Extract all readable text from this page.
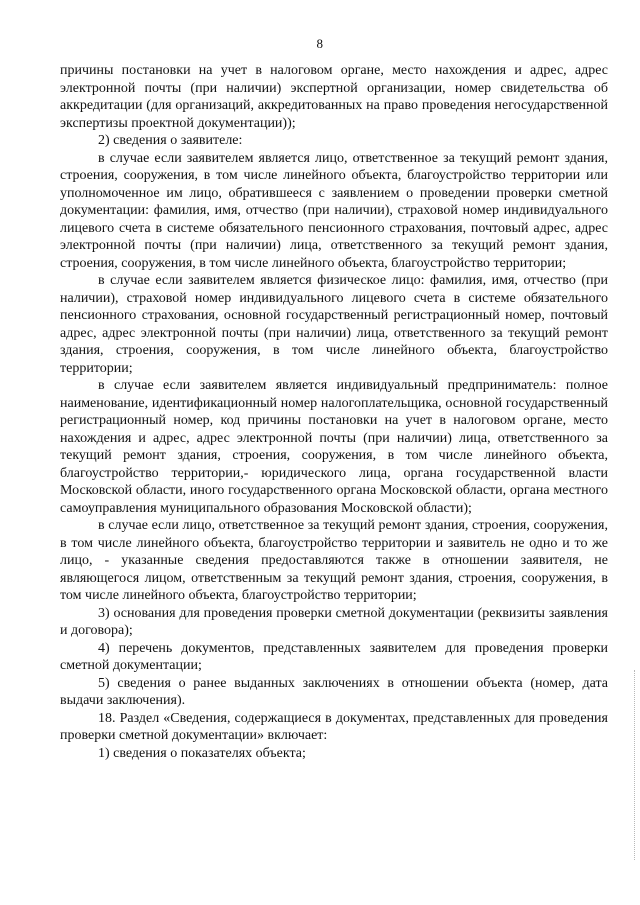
8

причины постановки на учет в налоговом органе, место нахождения и адрес, адрес электронной почты (при наличии) экспертной организации, номер свидетельства об аккредитации (для организаций, аккредитованных на право проведения негосударственной экспертизы проектной документации));

2) сведения о заявителе:

в случае если заявителем является лицо, ответственное за текущий ремонт здания, строения, сооружения, в том числе линейного объекта, благоустройство территории или уполномоченное им лицо, обратившееся с заявлением о проведении проверки сметной документации: фамилия, имя, отчество (при наличии), страховой номер индивидуального лицевого счета в системе обязательного пенсионного страхования, почтовый адрес, адрес электронной почты (при наличии) лица, ответственного за текущий ремонт здания, строения, сооружения, в том числе линейного объекта, благоустройство территории;

в случае если заявителем является физическое лицо: фамилия, имя, отчество (при наличии), страховой номер индивидуального лицевого счета в системе обязательного пенсионного страхования, основной государственный регистрационный номер, почтовый адрес, адрес электронной почты (при наличии) лица, ответственного за текущий ремонт здания, строения, сооружения, в том числе линейного объекта, благоустройство территории;

в случае если заявителем является индивидуальный предприниматель: полное наименование, идентификационный номер налогоплательщика, основной государственный регистрационный номер, код причины постановки на учет в налоговом органе, место нахождения и адрес, адрес электронной почты (при наличии) лица, ответственного за текущий ремонт здания, строения, сооружения, в том числе линейного объекта, благоустройство территории,- юридического лица, органа государственной власти Московской области, иного государственного органа Московской области, органа местного самоуправления муниципального образования Московской области);

в случае если лицо, ответственное за текущий ремонт здания, строения, сооружения, в том числе линейного объекта, благоустройство территории и заявитель не одно и то же лицо, - указанные сведения предоставляются также в отношении заявителя, не являющегося лицом, ответственным за текущий ремонт здания, строения, сооружения, в том числе линейного объекта, благоустройство территории;

3) основания для проведения проверки сметной документации (реквизиты заявления и договора);

4) перечень документов, представленных заявителем для проведения проверки сметной документации;

5) сведения о ранее выданных заключениях в отношении объекта (номер, дата выдачи заключения).

18. Раздел «Сведения, содержащиеся в документах, представленных для проведения проверки сметной документации» включает:

1) сведения о показателях объекта;
